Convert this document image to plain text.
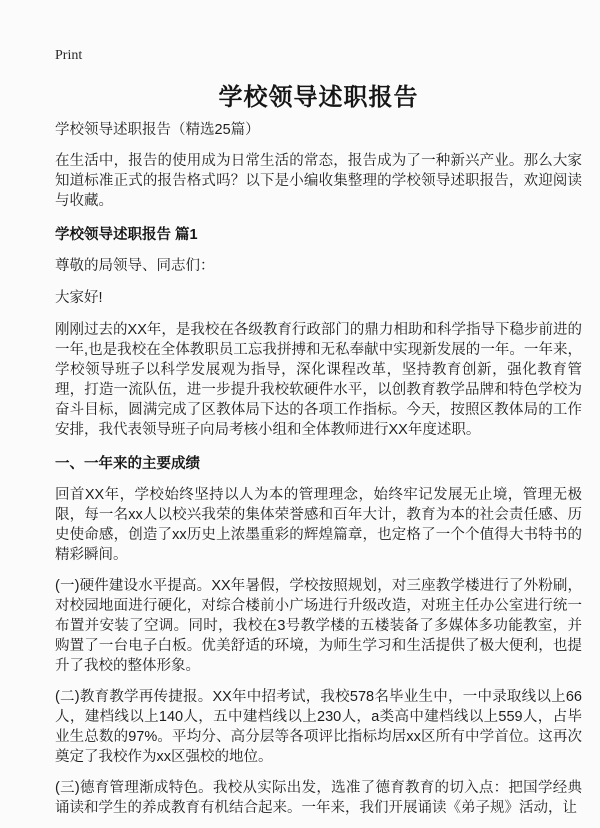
Print

学校领导述职报告

学校领导述职报告（精选25篇）

在生活中，报告的使用成为日常生活的常态，报告成为了一种新兴产业。那么大家知道标准正式的报告格式吗？以下是小编收集整理的学校领导述职报告，欢迎阅读与收藏。

学校领导述职报告 篇1

尊敬的局领导、同志们：

大家好!

刚刚过去的XX年，是我校在各级教育行政部门的鼎力相助和科学指导下稳步前进的一年,也是我校在全体教职员工忘我拼搏和无私奉献中实现新发展的一年。一年来，学校领导班子以科学发展观为指导，深化课程改革，坚持教育创新，强化教育管理，打造一流队伍，进一步提升我校软硬件水平，以创教育教学品牌和特色学校为奋斗目标，圆满完成了区教体局下达的各项工作指标。今天，按照区教体局的工作安排，我代表领导班子向局考核小组和全体教师进行XX年度述职。

一、一年来的主要成绩

回首XX年，学校始终坚持以人为本的管理理念，始终牢记发展无止境，管理无极限，每一名xx人以校兴我荣的集体荣誉感和百年大计，教育为本的社会责任感、历史使命感，创造了xx历史上浓墨重彩的辉煌篇章，也定格了一个个值得大书特书的精彩瞬间。

(一)硬件建设水平提高。XX年暑假，学校按照规划，对三座教学楼进行了外粉刷，对校园地面进行硬化，对综合楼前小广场进行升级改造，对班主任办公室进行统一布置并安装了空调。同时，我校在3号教学楼的五楼装备了多媒体多功能教室，并购置了一台电子白板。优美舒适的环境，为师生学习和生活提供了极大便利，也提升了我校的整体形象。

(二)教育教学再传捷报。XX年中招考试，我校578名毕业生中，一中录取线以上66人，建档线以上140人，五中建档线以上230人，a类高中建档线以上559人，占毕业生总数的97%。平均分、高分层等各项评比指标均居xx区所有中学首位。这再次奠定了我校作为xx区强校的地位。

(三)德育管理渐成特色。我校从实际出发，选准了德育教育的切入点：把国学经典诵读和学生的养成教育有机结合起来。一年来，我们开展诵读《弟子规》活动，让
